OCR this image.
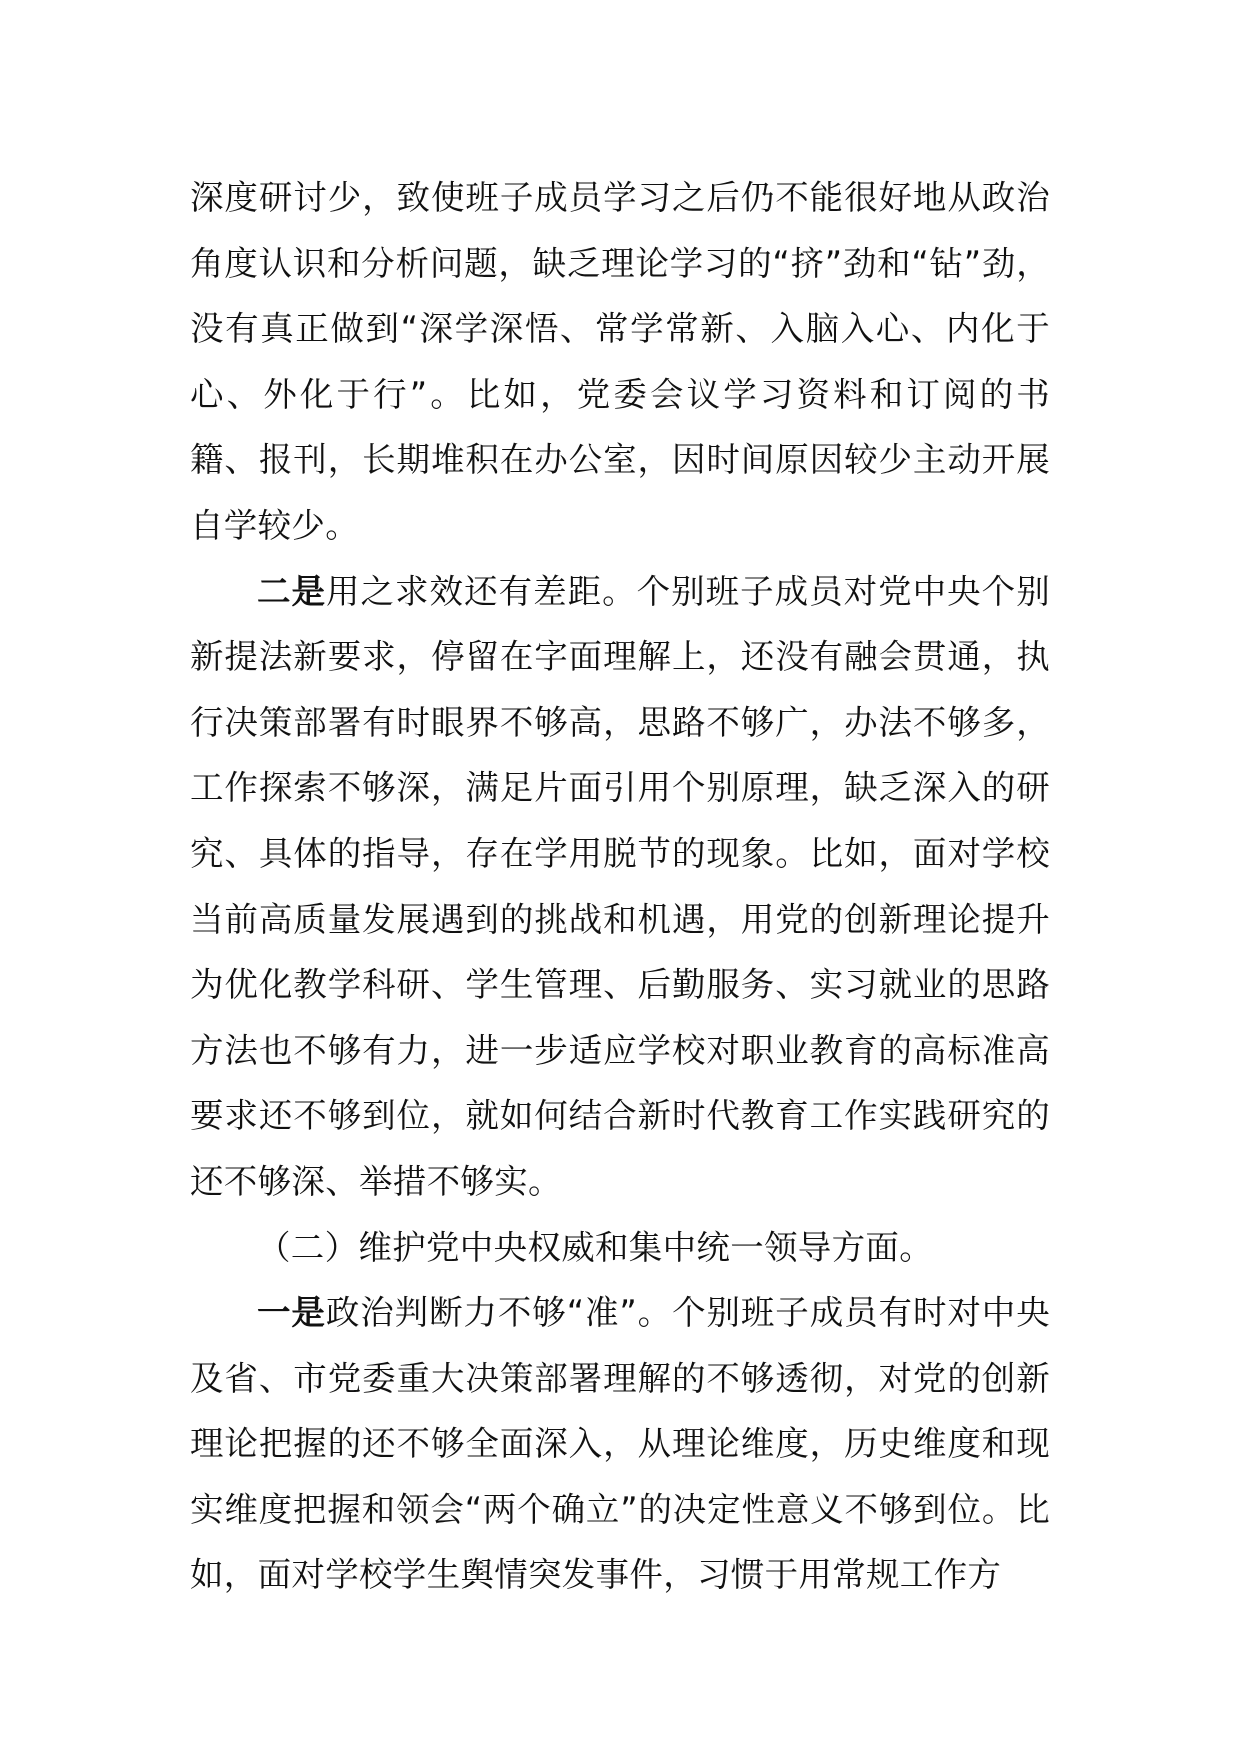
深度研讨少，致使班子成员学习之后仍不能很好地从政治角度认识和分析问题，缺乏理论学习的“挤”劲和“钻”劲，没有真正做到“深学深悟、常学常新、入脑入心、内化于心、外化于行”。比如，党委会议学习资料和订阅的书籍、报刊，长期堆积在办公室，因时间原因较少主动开展自学较少。

二是用之求效还有差距。个别班子成员对党中央个别新提法新要求，停留在字面理解上，还没有融会贯通，执行决策部署有时眼界不够高，思路不够广，办法不够多，工作探索不够深，满足片面引用个别原理，缺乏深入的研究、具体的指导，存在学用脱节的现象。比如，面对学校当前高质量发展遇到的挑战和机遇，用党的创新理论提升为优化教学科研、学生管理、后勤服务、实习就业的思路方法也不够有力，进一步适应学校对职业教育的高标准高要求还不够到位，就如何结合新时代教育工作实践研究的还不够深、举措不够实。

（二）维护党中央权威和集中统一领导方面。

一是政治判断力不够“准”。个别班子成员有时对中央及省、市党委重大决策部署理解的不够透彻，对党的创新理论把握的还不够全面深入，从理论维度，历史维度和现实维度把握和领会“两个确立”的决定性意义不够到位。比如，面对学校学生舆情突发事件，习惯于用常规工作方
